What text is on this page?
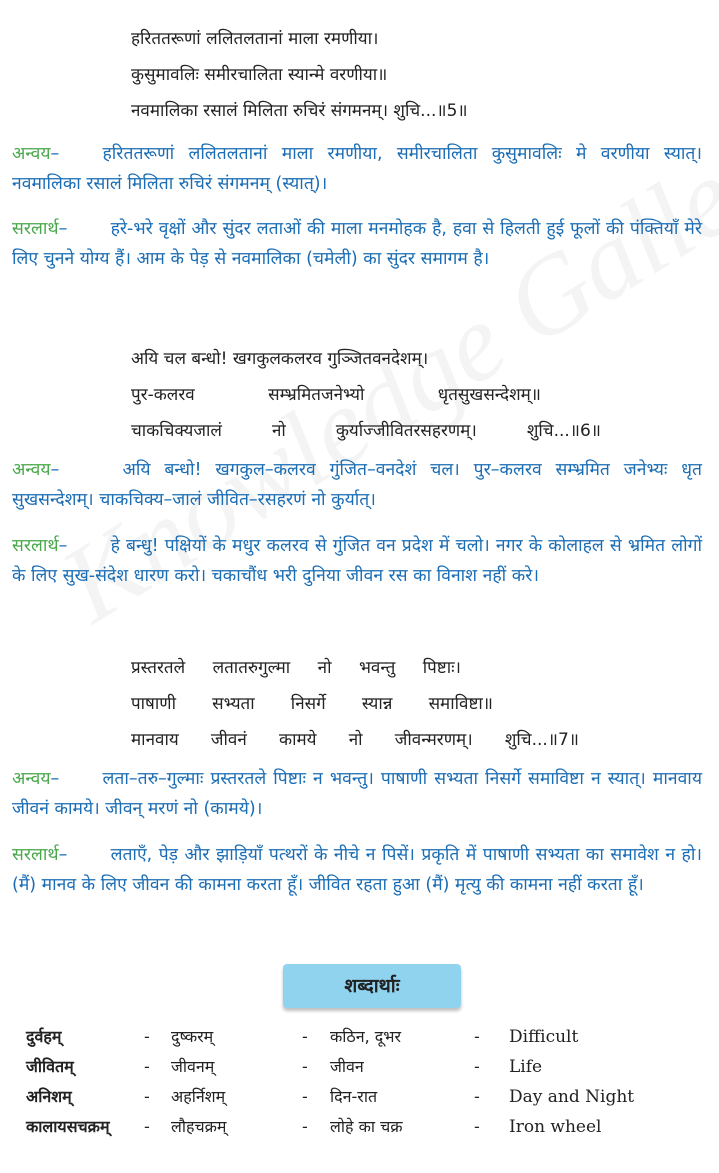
हरिततरूणां ललितलतानां माला रमणीया।
कुसुमावलिः समीरचालिता स्यान्मे वरणीया॥
नवमालिका रसालं मिलिता रुचिरं संगमनम्। शुचि...॥5॥
अन्वय– हरिततरूणां ललितलतानां माला रमणीया, समीरचालिता कुसुमावलिः मे वरणीया स्यात्। नवमालिका रसालं मिलिता रुचिरं संगमनम् (स्यात्)।
सरलार्थ– हरे-भरे वृक्षों और सुंदर लताओं की माला मनमोहक है, हवा से हिलती हुई फूलों की पंक्तियाँ मेरे लिए चुनने योग्य हैं। आम के पेड़ से नवमालिका (चमेली) का सुंदर समागम है।
अयि चल बन्धो! खगकुलकलरव गुञ्जितवनदेशम्।
पुर-कलरव सम्भ्रमितजनेभ्यो धृतसुखसन्देशम्॥
चाकचिक्यजालं नो कुर्याज्जीवितरसहरणम्। शुचि...॥6॥
अन्वय–	अयि बन्धो! खगकुल–कलरव गुंजित–वनदेशं चल। पुर–कलरव सम्भ्रमित जनेभ्यः धृत सुखसन्देशम्। चाकचिक्य–जालं जीवित–रसहरणं नो कुर्यात्।
सरलार्थ– हे बन्धु! पक्षियों के मधुर कलरव से गुंजित वन प्रदेश में चलो। नगर के कोलाहल से भ्रमित लोगों के लिए सुख-संदेश धारण करो। चकाचौंध भरी दुनिया जीवन रस का विनाश नहीं करे।
प्रस्तरतले लतातरुगुल्मा नो भवन्तु पिष्टाः।
पाषाणी सभ्यता निसर्गे स्यान्न समाविष्टा॥
मानवाय जीवनं कामये नो जीवन्मरणम्। शुचि...॥7॥
अन्वय– लता–तरु–गुल्माः प्रस्तरतले पिष्टाः न भवन्तु। पाषाणी सभ्यता निसर्गे समाविष्टा न स्यात्। मानवाय जीवनं कामये। जीवन् मरणं नो (कामये)।
सरलार्थ– लताएँ, पेड़ और झाड़ियाँ पत्थरों के नीचे न पिसें। प्रकृति में पाषाणी सभ्यता का समावेश न हो। (मैं) मानव के लिए जीवन की कामना करता हूँ। जीवित रहता हुआ (मैं) मृत्यु की कामना नहीं करता हूँ।
शब्दार्थाः
दुर्वहम्	- दुष्करम्	- कठिन, दूभर	- Difficult
जीवितम्	- जीवनम्	- जीवन	- Life
अनिशम्	- अहर्निशम्	- दिन-रात	- Day and Night
कालायसचक्रम् - लौहचक्रम्	- लोहे का चक्र	- Iron wheel
